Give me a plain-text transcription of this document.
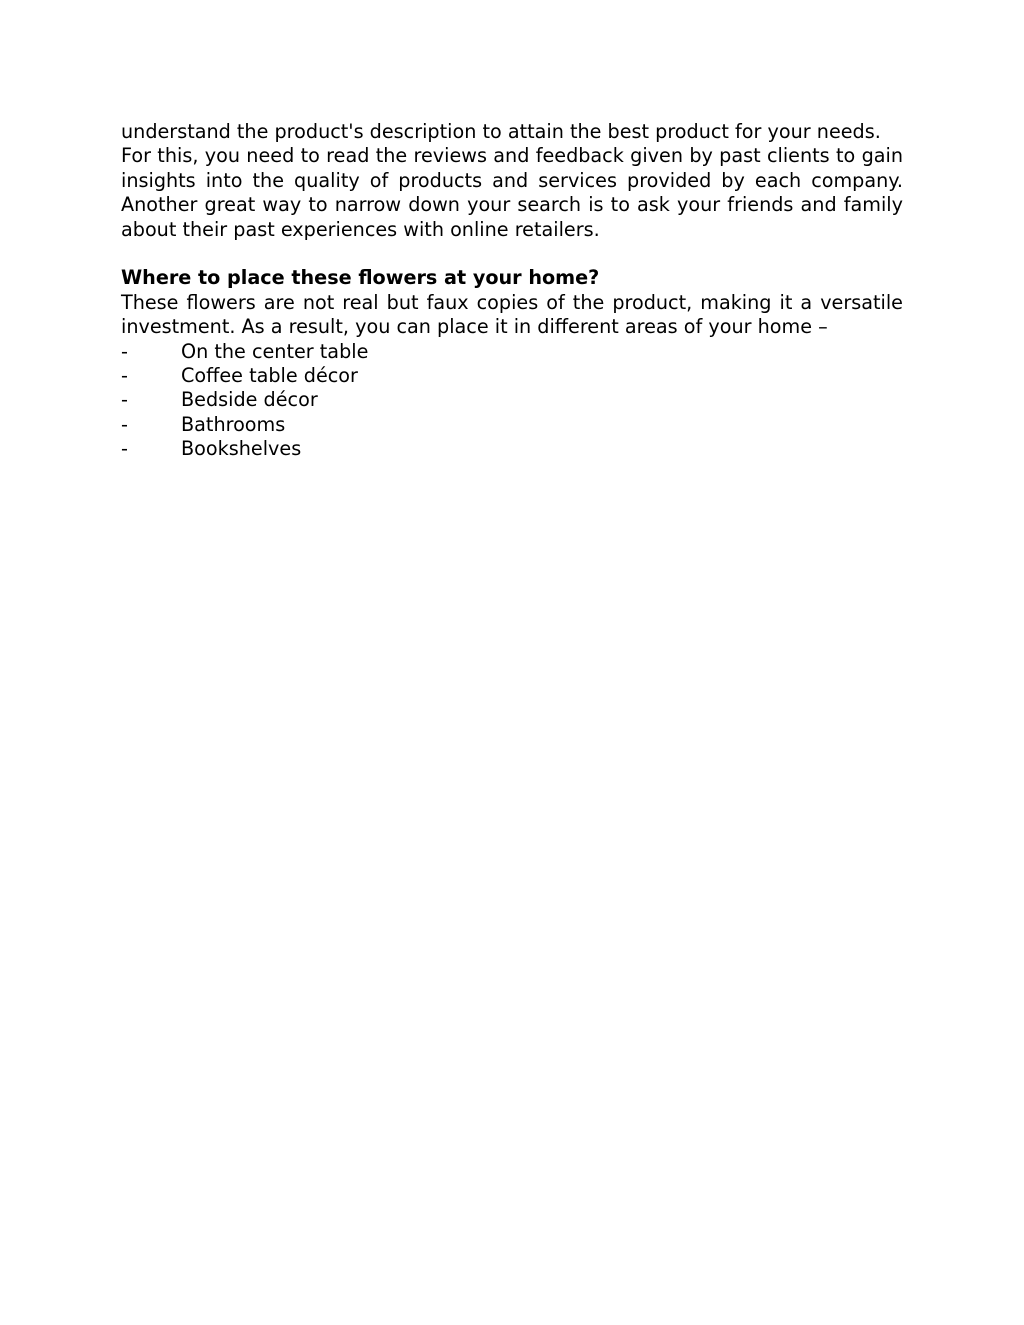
understand the product's description to attain the best product for your needs.

For this, you need to read the reviews and feedback given by past clients to gain insights into the quality of products and services provided by each company. Another great way to narrow down your search is to ask your friends and family about their past experiences with online retailers.

Where to place these flowers at your home?

These flowers are not real but faux copies of the product, making it a versatile investment. As a result, you can place it in different areas of your home –

-	On the center table
-	Coffee table décor
-	Bedside décor
-	Bathrooms
-	Bookshelves
